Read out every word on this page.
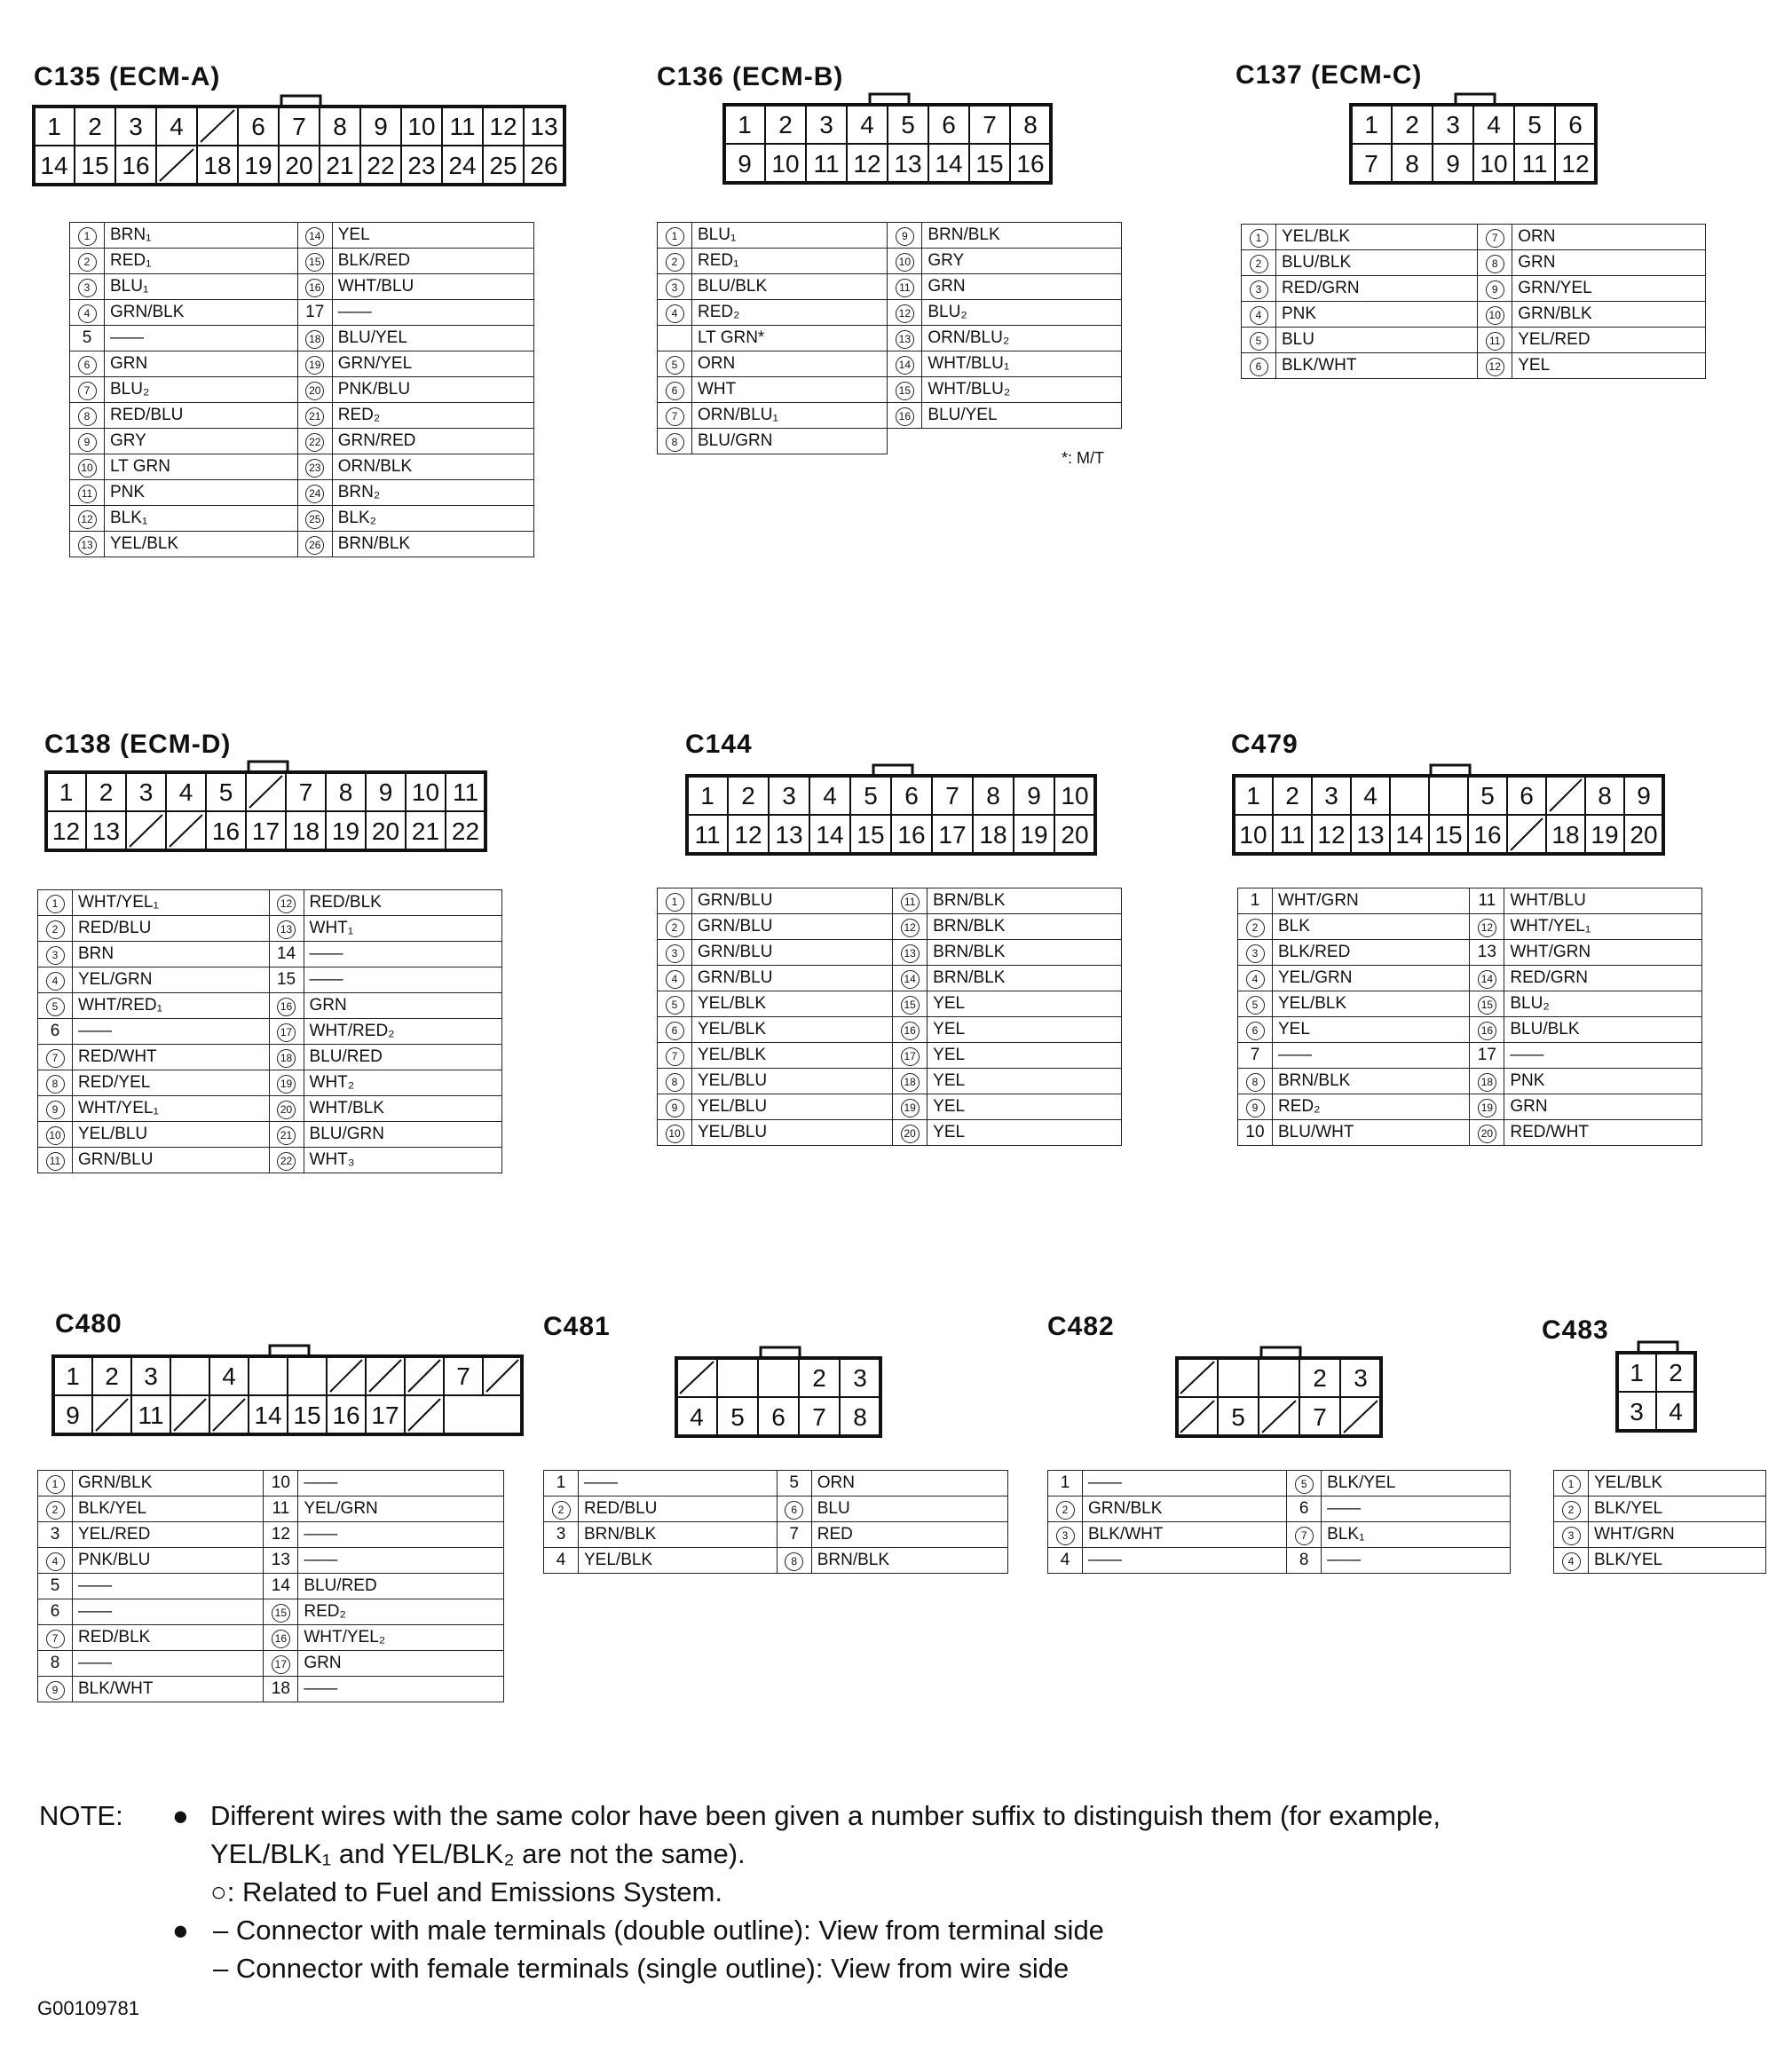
C135 (ECM-A)	C136 (ECM-B)	C137 (ECM-C)
C138 (ECM-D)	C144	C479
C480	C481	C482	C483
1 2 3 4	6 7 8 9 10 11 12 13
14 15 16 18 19 20 21 22 23 24 25 26
1 2 3 4 5 6 7 8
9 10 11 12 13 14 15 16
1 2 3 4 5 6
7 8 9 10 11 12
1 2 3 4 5	7 8 9 10 11
12 13	16 17 18 19 20 21 22
1 2 3 4 5 6 7 8 9 10
11 12 13 14 15 16 17 18 19 20
1 2 3 4	5 6	8 9
10 11 12 13 14 15 16 18 19 20
1 2 3	4	7
9 11	14 15 16 17
2 3
4 5 6 7 8
2 3
5	7
1 2
3 4
1	BRN₁	14	YEL
2	RED₁	15	BLK/RED
3	BLU₁	16	WHT/BLU
4	GRN/BLK	17	——
5	——	18	BLU/YEL
6	GRN	19	GRN/YEL
7	BLU₂	20	PNK/BLU
8	RED/BLU	21	RED₂
9	GRY	22	GRN/RED
10	LT GRN	23	ORN/BLK
11	PNK	24	BRN₂
12	BLK₁	25	BLK₂
13	YEL/BLK	26	BRN/BLK
1	BLU₁	9	BRN/BLK
2	RED₁	10	GRY
3	BLU/BLK	11	GRN
4	RED₂	12	BLU₂
	LT GRN*	13	ORN/BLU₂
5	ORN	14	WHT/BLU₁
6	WHT	15	WHT/BLU₂
7	ORN/BLU₁	16	BLU/YEL
8	BLU/GRN		
*: M/T
1	YEL/BLK	7	ORN
2	BLU/BLK	8	GRN
3	RED/GRN	9	GRN/YEL
4	PNK	10	GRN/BLK
5	BLU	11	YEL/RED
6	BLK/WHT	12	YEL
1	WHT/YEL₁	12	RED/BLK
2	RED/BLU	13	WHT₁
3	BRN	14	——
4	YEL/GRN	15	——
5	WHT/RED₁	16	GRN
6	——	17	WHT/RED₂
7	RED/WHT	18	BLU/RED
8	RED/YEL	19	WHT₂
9	WHT/YEL₁	20	WHT/BLK
10	YEL/BLU	21	BLU/GRN
11	GRN/BLU	22	WHT₃
1	GRN/BLU	11	BRN/BLK
2	GRN/BLU	12	BRN/BLK
3	GRN/BLU	13	BRN/BLK
4	GRN/BLU	14	BRN/BLK
5	YEL/BLK	15	YEL
6	YEL/BLK	16	YEL
7	YEL/BLK	17	YEL
8	YEL/BLU	18	YEL
9	YEL/BLU	19	YEL
10	YEL/BLU	20	YEL
1	WHT/GRN	11	WHT/BLU
2	BLK	12	WHT/YEL₁
3	BLK/RED	13	WHT/GRN
4	YEL/GRN	14	RED/GRN
5	YEL/BLK	15	BLU₂
6	YEL	16	BLU/BLK
7	——	17	——
8	BRN/BLK	18	PNK
9	RED₂	19	GRN
10	BLU/WHT	20	RED/WHT
1	GRN/BLK	10	——
2	BLK/YEL	11	YEL/GRN
3	YEL/RED	12	——
4	PNK/BLU	13	——
5	——	14	BLU/RED
6	——	15	RED₂
7	RED/BLK	16	WHT/YEL₂
8	——	17	GRN
9	BLK/WHT	18	——
1	——	5	ORN
2	RED/BLU	6	BLU
3	BRN/BLK	7	RED
4	YEL/BLK	8	BRN/BLK
1	——	5	BLK/YEL
2	GRN/BLK	6	——
3	BLK/WHT	7	BLK₁
4	——	8	——
1	YEL/BLK
2	BLK/YEL
3	WHT/GRN
4	BLK/YEL
NOTE: ● Different wires with the same color have been given a number suffix to distinguish them (for example,
YEL/BLK₁ and YEL/BLK₂ are not the same).
○: Related to Fuel and Emissions System.
● – Connector with male terminals (double outline): View from terminal side
– Connector with female terminals (single outline): View from wire side
G00109781
